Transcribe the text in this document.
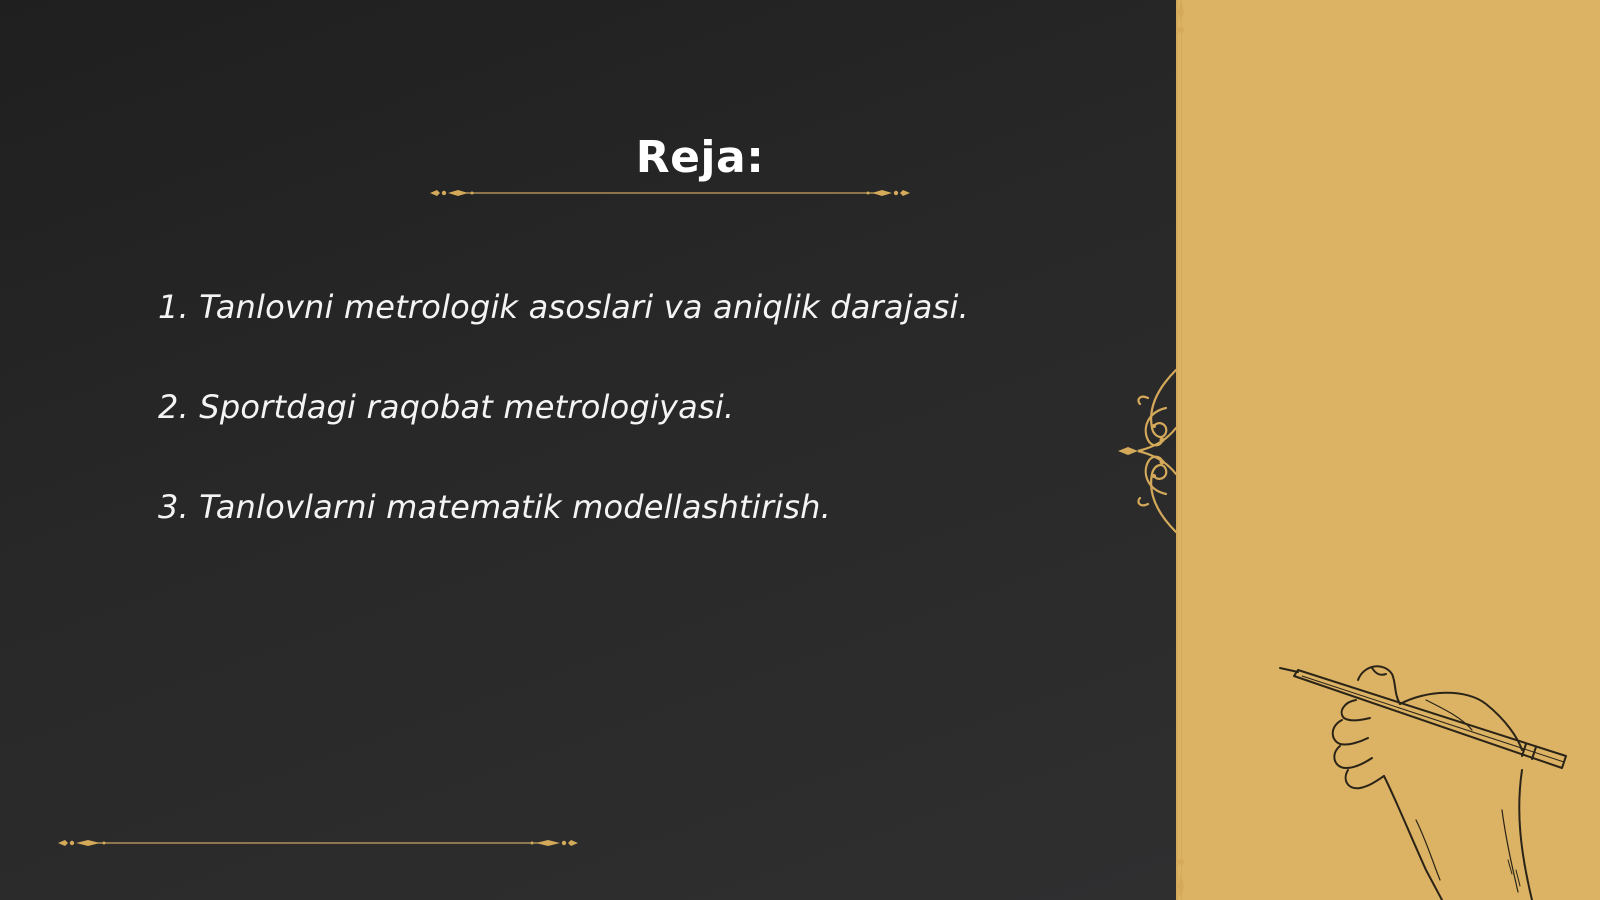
Reja:
1. Tanlovni metrologik asoslari va aniqlik darajasi.
2. Sportdagi raqobat metrologiyasi.
3. Tanlovlarni matematik modellashtirish.
